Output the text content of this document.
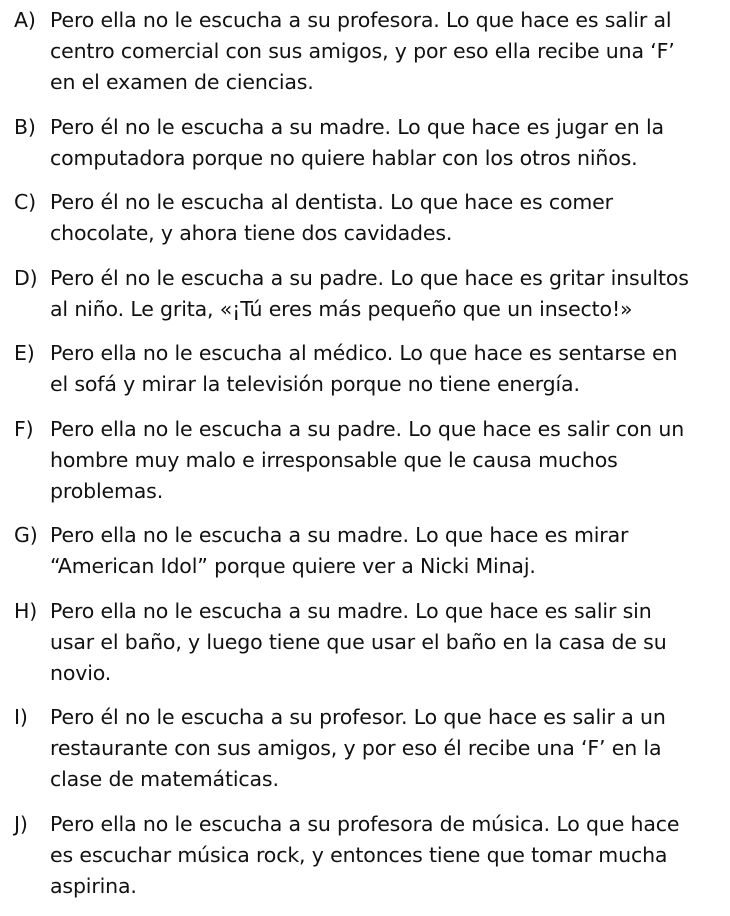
A) Pero ella no le escucha a su profesora. Lo que hace es salir al
centro comercial con sus amigos, y por eso ella recibe una ‘F’
en el examen de ciencias.
B) Pero él no le escucha a su madre. Lo que hace es jugar en la
computadora porque no quiere hablar con los otros niños.
C) Pero él no le escucha al dentista. Lo que hace es comer
chocolate, y ahora tiene dos cavidades.
D) Pero él no le escucha a su padre. Lo que hace es gritar insultos
al niño. Le grita, «¡Tú eres más pequeño que un insecto!»
E) Pero ella no le escucha al médico. Lo que hace es sentarse en
el sofá y mirar la televisión porque no tiene energía.
F) Pero ella no le escucha a su padre. Lo que hace es salir con un
hombre muy malo e irresponsable que le causa muchos
problemas.
G) Pero ella no le escucha a su madre. Lo que hace es mirar
“American Idol” porque quiere ver a Nicki Minaj.
H) Pero ella no le escucha a su madre. Lo que hace es salir sin
usar el baño, y luego tiene que usar el baño en la casa de su
novio.
I)	Pero él no le escucha a su profesor. Lo que hace es salir a un
restaurante con sus amigos, y por eso él recibe una ‘F’ en la
clase de matemáticas.
J)	Pero ella no le escucha a su profesora de música. Lo que hace
es escuchar música rock, y entonces tiene que tomar mucha
aspirina.
